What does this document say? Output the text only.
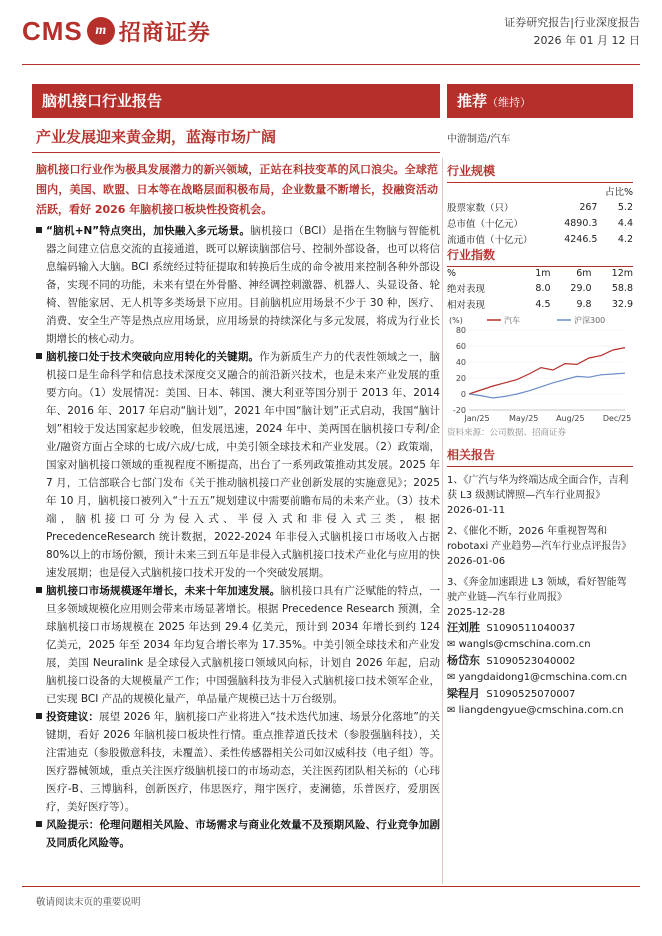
CMS m 招商证券	证券研究报告|行业深度报告
2026 年 01 月 12 日
脑机接口行业报告	推荐（维持）
产业发展迎来黄金期，蓝海市场广阔
脑机接口行业作为极具发展潜力的新兴领域，正站在科技变革的风口浪尖。全球范围内，美国、欧盟、日本等在战略层面积极布局，企业数量不断增长，投融资活动活跃，看好 2026 年脑机接口板块性投资机会。

“脑机+N”特点突出，加快融入多元场景。脑机接口（BCI）是指在生物脑与智能机器之间建立信息交流的直接通道，既可以解读脑部信号、控制外部设备，也可以将信息编码输入大脑。BCI 系统经过特征提取和转换后生成的命令被用来控制各种外部设备，实现不同的功能，未来有望在外骨骼、神经调控刺激器、机器人、头显设备、轮椅、智能家居、无人机等多类场景下应用。目前脑机应用场景不少于 30 种，医疗、消费、安全生产等是热点应用场景，应用场景的持续深化与多元发展，将成为行业长期增长的核心动力。

脑机接口处于技术突破向应用转化的关键期。作为新质生产力的代表性领域之一，脑机接口是生命科学和信息技术深度交叉融合的前沿新兴技术，也是未来产业发展的重要方向。（1）发展情况：美国、日本、韩国、澳大利亚等国分别于 2013 年、2014 年、2016 年、2017 年启动“脑计划”，2021 年中国“脑计划”正式启动，我国“脑计划”相较于发达国家起步较晚，但发展迅速，2024 年中、美两国在脑机接口专利/企业/融资方面占全球的七成/六成/七成，中美引领全球技术和产业发展。（2）政策端，国家对脑机接口领域的重视程度不断提高，出台了一系列政策推动其发展。2025 年 7 月，工信部联合七部门发布《关于推动脑机接口产业创新发展的实施意见》；2025 年 10 月，脑机接口被列入“十五五”规划建议中需要前瞻布局的未来产业。（3）技术端，脑机接口可分为侵入式、半侵入式和非侵入式三类，根据 PrecedenceResearch 统计数据，2022-2024 年非侵入式脑机接口市场收入占据 80%以上的市场份额，预计未来三到五年是非侵入式脑机接口技术产业化与应用的快速发展期；也是侵入式脑机接口技术开发的一个突破发展期。

脑机接口市场规模逐年增长，未来十年加速发展。脑机接口具有广泛赋能的特点，一旦多领域规模化应用则会带来市场显著增长。根据 Precedence Research 预测，全球脑机接口市场规模在 2025 年达到 29.4 亿美元，预计到 2034 年增长到约 124 亿美元，2025 年至 2034 年均复合增长率为 17.35%。中美引领全球技术和产业发展，美国 Neuralink 是全球侵入式脑机接口领域风向标，计划自 2026 年起，启动脑机接口设备的大规模量产工作；中国强脑科技为非侵入式脑机接口技术领军企业，已实现 BCI 产品的规模化量产，单品量产规模已达十万台级别。

投资建议：展望 2026 年，脑机接口产业将进入“技术迭代加速、场景分化落地”的关键期，看好 2026 年脑机接口板块性行情。重点推荐道氏技术（参股强脑科技），关注雷迪克（参股傲意科技，未覆盖）、柔性传感器相关公司如汉威科技（电子组）等。医疗器械领域，重点关注医疗级脑机接口的市场动态，关注医药团队相关标的（心玮医疗-B、三博脑科，创新医疗，伟思医疗，翔宇医疗，麦澜德，乐普医疗，爱朋医疗，美好医疗等）。

风险提示：伦理问题相关风险、市场需求与商业化效量不及预期风险、行业竞争加剧及同质化风险等。

中游制造/汽车
行业规模
		占比%
股票家数（只）	267	5.2
总市值（十亿元）	4890.3	4.4
流通市值（十亿元）	4246.5	4.2
行业指数
%	1m	6m	12m
绝对表现	8.0	29.0	58.8
相对表现	4.5	9.8	32.9
(%)
-20
0
20
40
60
80
Jan/25 May/25 Aug/25 Dec/25
汽车	沪深300
资料来源：公司数据、招商证券
相关报告
1、《广汽与华为终端达成全面合作，吉利获 L3 级测试牌照—汽车行业周报》
2026-01-11
2、《催化不断，2026 年重视智驾和 robotaxi 产业趋势—汽车行业点评报告》
2026-01-06
3、《奔金加速跟进 L3 领域，看好智能驾驶产业链—汽车行业周报》
2025-12-28
汪刘胜 S1090511040037
✉ wangls@cmschina.com.cn
杨岱东 S1090523040002
✉ yangdaidong1@cmschina.com.cn
梁程月 S1090525070007
✉ liangdengyue@cmschina.com.cn
敬请阅读末页的重要说明
